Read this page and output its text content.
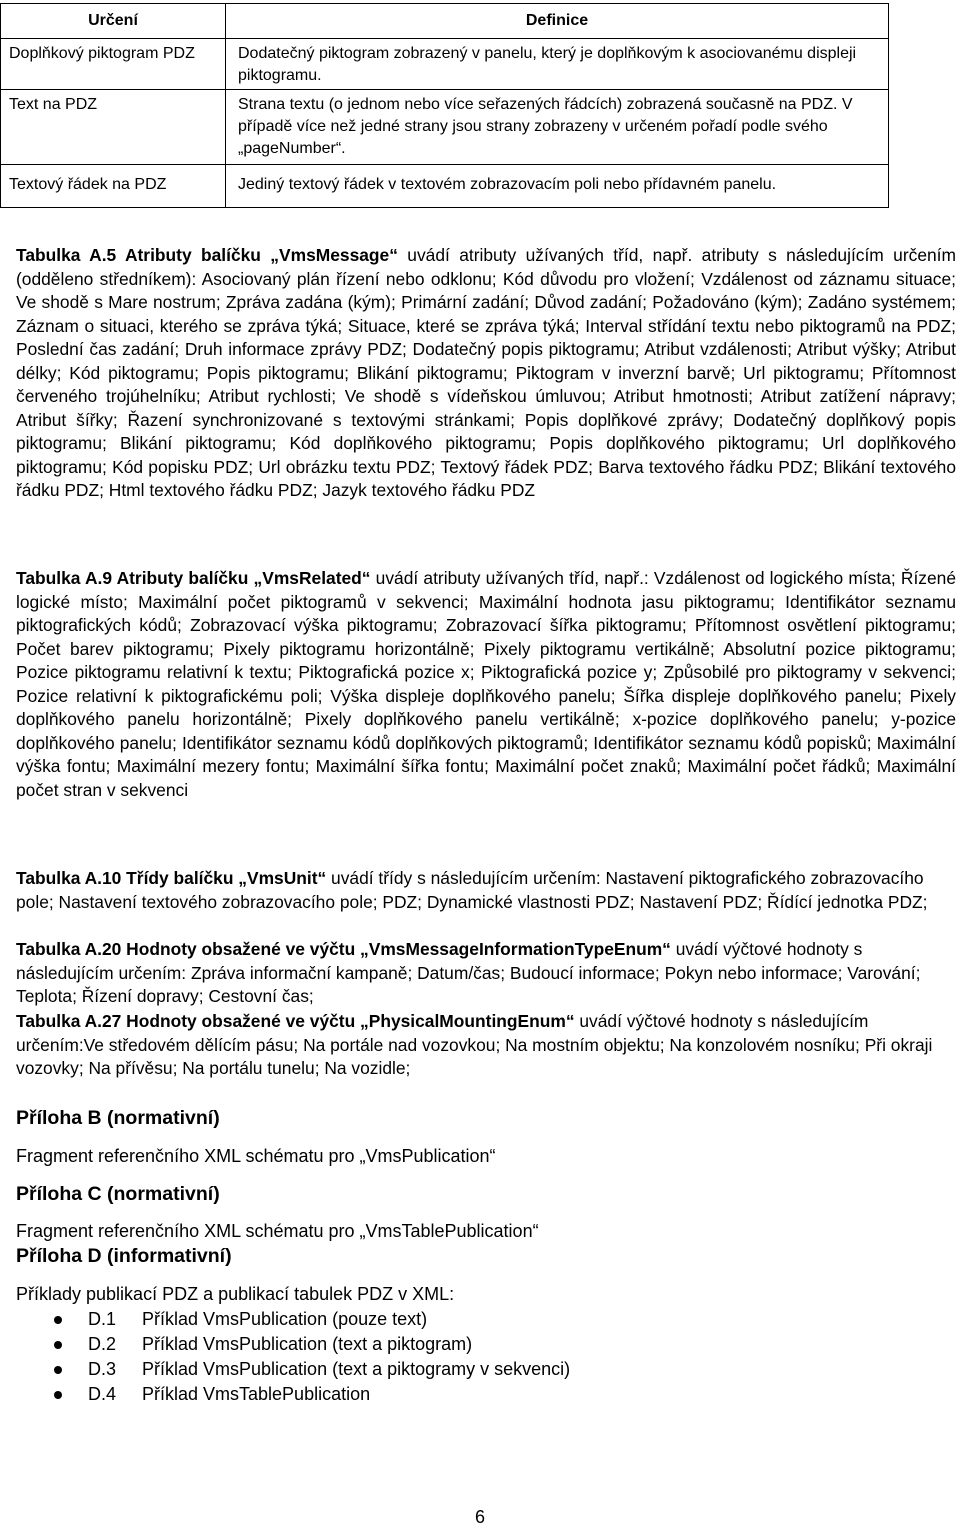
Určení	Definice

Doplňkový piktogram PDZ	Dodatečný piktogram zobrazený v panelu, který je doplňkovým k asociovanému displeji piktogramu.

Text na PDZ	Strana textu (o jednom nebo více seřazených řádcích) zobrazená současně na PDZ. V případě více než jedné strany jsou strany zobrazeny v určeném pořadí podle svého „pageNumber“.

Textový řádek na PDZ	Jediný textový řádek v textovém zobrazovacím poli nebo přídavném panelu.
Tabulka A.5 Atributy balíčku „VmsMessage“ uvádí atributy užívaných tříd, např. atributy s následujícím určením (odděleno středníkem): Asociovaný plán řízení nebo odklonu; Kód důvodu pro vložení; Vzdálenost od záznamu situace; Ve shodě s Mare nostrum; Zpráva zadána (kým); Primární zadání; Důvod zadání; Požadováno (kým); Zadáno systémem; Záznam o situaci, kterého se zpráva týká; Situace, které se zpráva týká; Interval střídání textu nebo piktogramů na PDZ; Poslední čas zadání; Druh informace zprávy PDZ; Dodatečný popis piktogramu; Atribut vzdálenosti; Atribut výšky; Atribut délky; Kód piktogramu; Popis piktogramu; Blikání piktogramu; Piktogram v inverzní barvě; Url piktogramu; Přítomnost červeného trojúhelníku; Atribut rychlosti; Ve shodě s vídeňskou úmluvou; Atribut hmotnosti; Atribut zatížení nápravy; Atribut šířky; Řazení synchronizované s textovými stránkami; Popis doplňkové zprávy; Dodatečný doplňkový popis piktogramu; Blikání piktogramu; Kód doplňkového piktogramu; Popis doplňkového piktogramu; Url doplňkového piktogramu; Kód popisku PDZ; Url obrázku textu PDZ; Textový řádek PDZ; Barva textového řádku PDZ; Blikání textového řádku PDZ; Html textového řádku PDZ; Jazyk textového řádku PDZ
Tabulka A.9 Atributy balíčku „VmsRelated“ uvádí atributy užívaných tříd, např.: Vzdálenost od logického místa; Řízené logické místo; Maximální počet piktogramů v sekvenci; Maximální hodnota jasu piktogramu; Identifikátor seznamu piktografických kódů; Zobrazovací výška piktogramu; Zobrazovací šířka piktogramu; Přítomnost osvětlení piktogramu; Počet barev piktogramu; Pixely piktogramu horizontálně; Pixely piktogramu vertikálně; Absolutní pozice piktogramu; Pozice piktogramu relativní k textu; Piktografická pozice x; Piktografická pozice y; Způsobilé pro piktogramy v sekvenci; Pozice relativní k piktografickému poli; Výška displeje doplňkového panelu; Šířka displeje doplňkového panelu; Pixely doplňkového panelu horizontálně; Pixely doplňkového panelu vertikálně; x-pozice doplňkového panelu; y-pozice doplňkového panelu; Identifikátor seznamu kódů doplňkových piktogramů; Identifikátor seznamu kódů popisků; Maximální výška fontu; Maximální mezery fontu; Maximální šířka fontu; Maximální počet znaků; Maximální počet řádků; Maximální počet stran v sekvenci
Tabulka A.10 Třídy balíčku „VmsUnit“ uvádí třídy s následujícím určením: Nastavení piktografického zobrazovacího pole; Nastavení textového zobrazovacího pole; PDZ; Dynamické vlastnosti PDZ; Nastavení PDZ; Řídící jednotka PDZ;
Tabulka A.20 Hodnoty obsažené ve výčtu „VmsMessageInformationTypeEnum“ uvádí výčtové hodnoty s následujícím určením: Zpráva informační kampaně; Datum/čas; Budoucí informace; Pokyn nebo informace; Varování; Teplota; Řízení dopravy; Cestovní čas;
Tabulka A.27 Hodnoty obsažené ve výčtu „PhysicalMountingEnum“ uvádí výčtové hodnoty s následujícím určením:Ve středovém dělícím pásu; Na portále nad vozovkou; Na mostním objektu; Na konzolovém nosníku; Při okraji vozovky; Na přívěsu; Na portálu tunelu; Na vozidle;
Příloha B (normativní)
Fragment referenčního XML schématu pro „VmsPublication“
Příloha C (normativní)
Fragment referenčního XML schématu pro „VmsTablePublication“
Příloha D (informativní)
Příklady publikací PDZ a publikací tabulek PDZ v XML:
D.1 Příklad VmsPublication (pouze text)
D.2 Příklad VmsPublication (text a piktogram)
D.3 Příklad VmsPublication (text a piktogramy v sekvenci)
D.4 Příklad VmsTablePublication
6
